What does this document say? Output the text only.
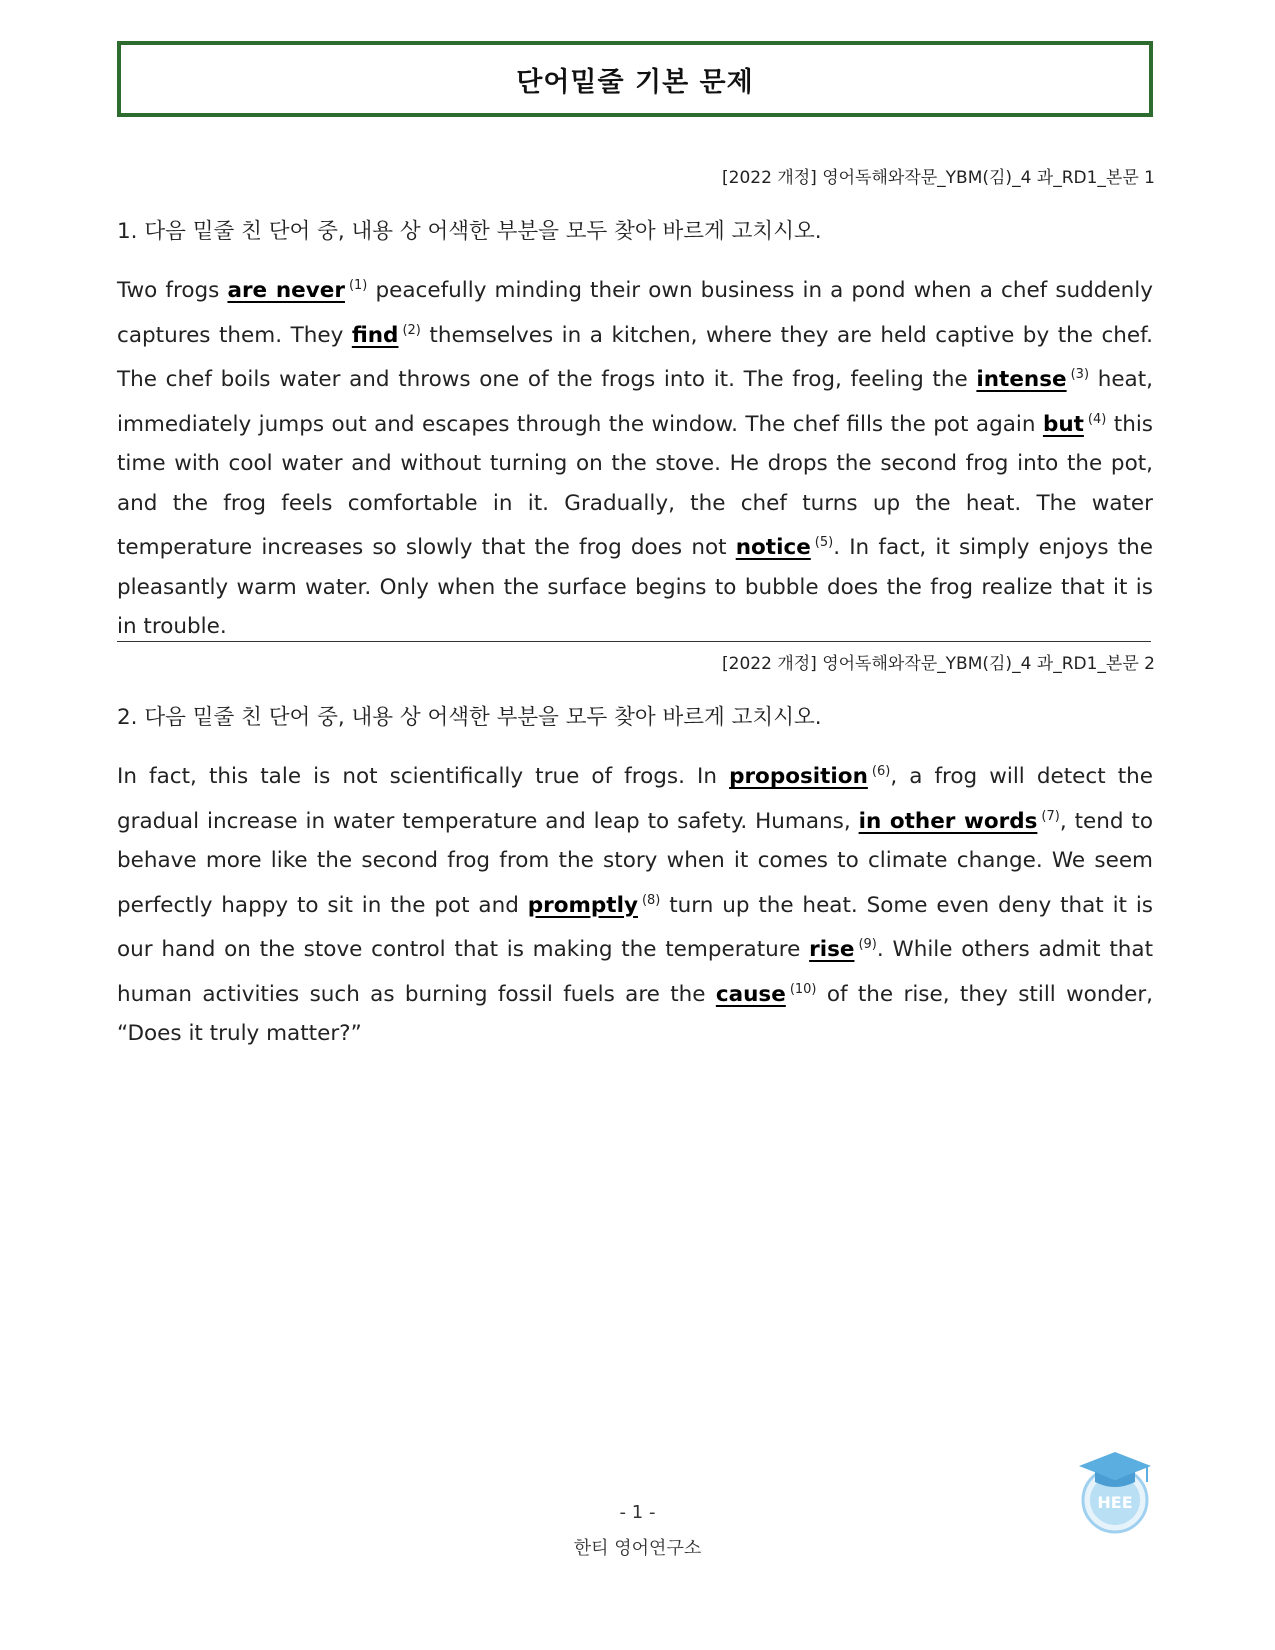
단어밑줄 기본 문제
[2022 개정] 영어독해와작문_YBM(김)_4 과_RD1_본문 1
1. 다음 밑줄 친 단어 중, 내용 상 어색한 부분을 모두 찾아 바르게 고치시오.
Two frogs are never $^{(1)}$ peacefully minding their own business in a pond when a chef suddenly captures them. They find $^{(2)}$ themselves in a kitchen, where they are held captive by the chef. The chef boils water and throws one of the frogs into it. The frog, feeling the intense $^{(3)}$ heat, immediately jumps out and escapes through the window. The chef fills the pot again but $^{(4)}$ this time with cool water and without turning on the stove. He drops the second frog into the pot, and the frog feels comfortable in it. Gradually, the chef turns up the heat. The water temperature increases so slowly that the frog does not notice $^{(5)}$. In fact, it simply enjoys the pleasantly warm water. Only when the surface begins to bubble does the frog realize that it is in trouble.
[2022 개정] 영어독해와작문_YBM(김)_4 과_RD1_본문 2
2. 다음 밑줄 친 단어 중, 내용 상 어색한 부분을 모두 찾아 바르게 고치시오.
In fact, this tale is not scientifically true of frogs. In proposition $^{(6)}$, a frog will detect the gradual increase in water temperature and leap to safety. Humans, in other words $^{(7)}$, tend to behave more like the second frog from the story when it comes to climate change. We seem perfectly happy to sit in the pot and promptly $^{(8)}$ turn up the heat. Some even deny that it is our hand on the stove control that is making the temperature rise $^{(9)}$. While others admit that human activities such as burning fossil fuels are the cause $^{(10)}$ of the rise, they still wonder, “Does it truly matter?”
HEE
- 1 -
한티 영어연구소
